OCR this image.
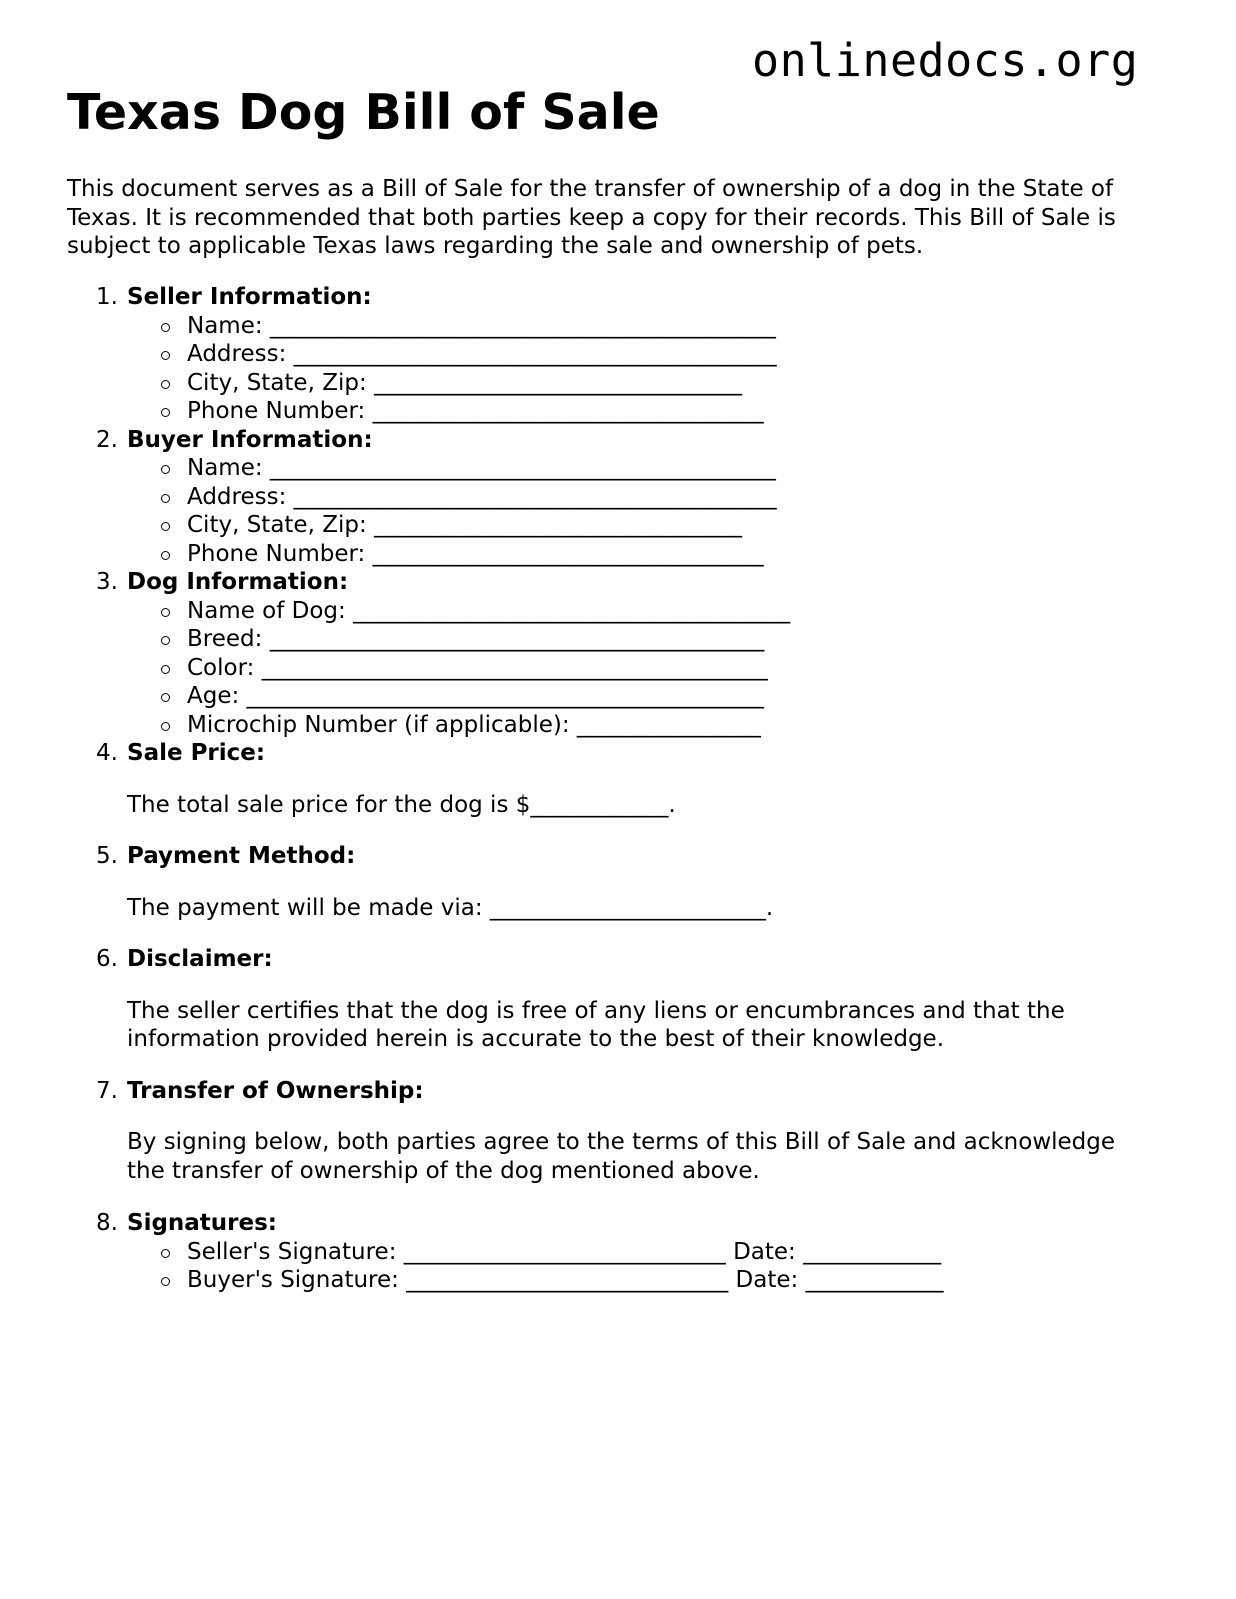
onlinedocs.org
Texas Dog Bill of Sale

This document serves as a Bill of Sale for the transfer of ownership of a dog in the State of Texas. It is recommended that both parties keep a copy for their records. This Bill of Sale is subject to applicable Texas laws regarding the sale and ownership of pets.

1. Seller Information:
Name: ____________________________________________
Address: __________________________________________
City, State, Zip: ________________________________
Phone Number: __________________________________
2. Buyer Information:
Name: ____________________________________________
Address: __________________________________________
City, State, Zip: ________________________________
Phone Number: __________________________________
3. Dog Information:
Name of Dog: ______________________________________
Breed: ___________________________________________
Color: ____________________________________________
Age: _____________________________________________
Microchip Number (if applicable): ________________
4. Sale Price:

The total sale price for the dog is $____________.

5. Payment Method:

The payment will be made via: ________________________.

6. Disclaimer:

The seller certifies that the dog is free of any liens or encumbrances and that the information provided herein is accurate to the best of their knowledge.

7. Transfer of Ownership:

By signing below, both parties agree to the terms of this Bill of Sale and acknowledge the transfer of ownership of the dog mentioned above.

8. Signatures:
Seller's Signature: ____________________________ Date: ____________
Buyer's Signature: ____________________________ Date: ____________
